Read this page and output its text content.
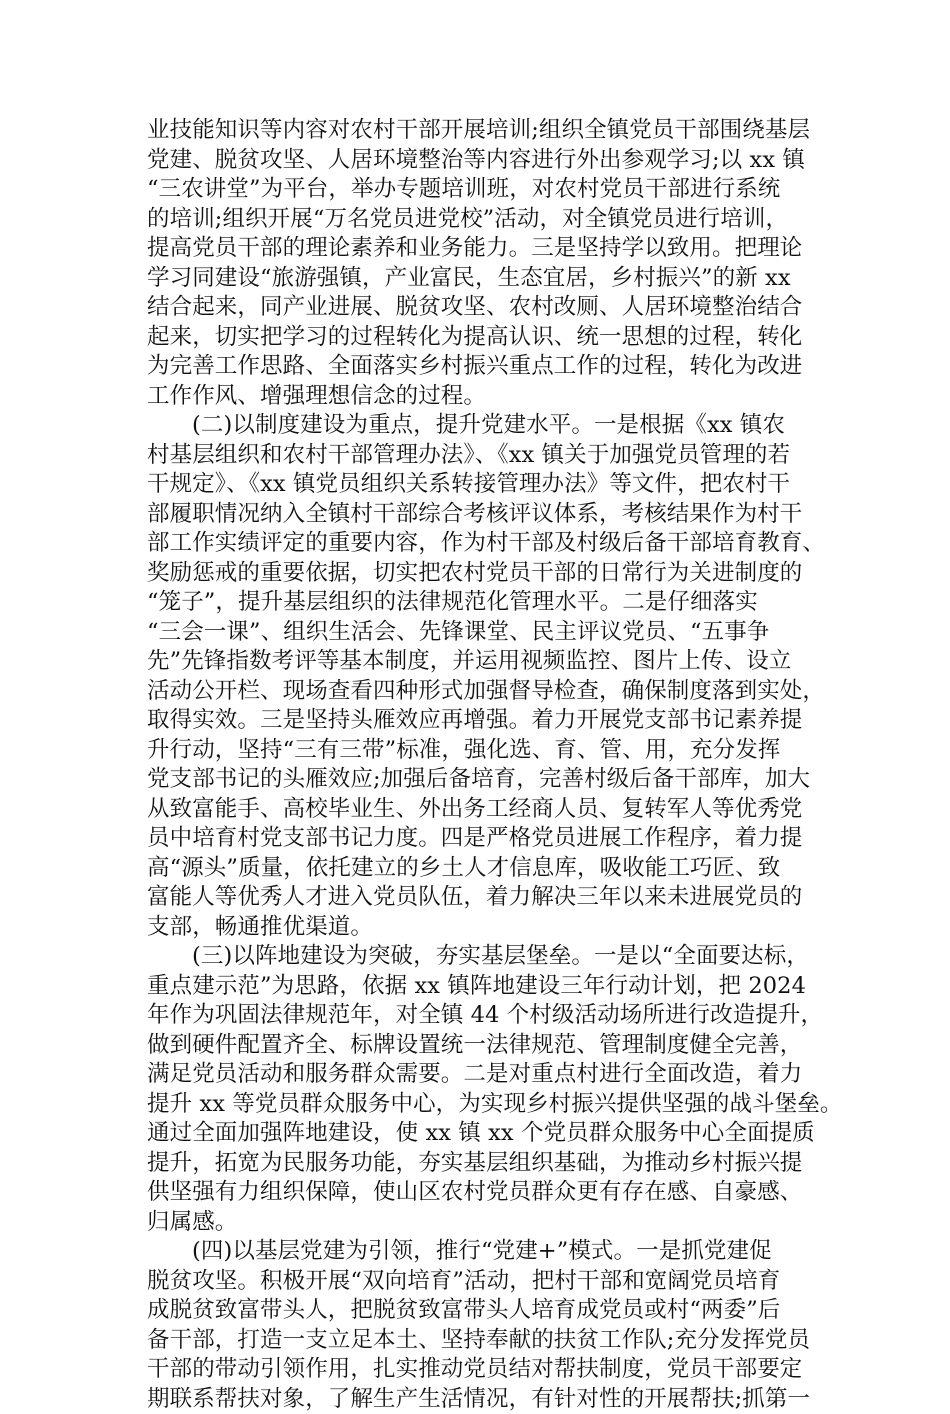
业技能知识等内容对农村干部开展培训;组织全镇党员干部围绕基层
党建、脱贫攻坚、人居环境整治等内容进行外出参观学习;以 xx 镇
“三农讲堂”为平台，举办专题培训班，对农村党员干部进行系统
的培训;组织开展“万名党员进党校”活动，对全镇党员进行培训，
提高党员干部的理论素养和业务能力。三是坚持学以致用。把理论
学习同建设“旅游强镇，产业富民，生态宜居，乡村振兴”的新 xx
结合起来，同产业进展、脱贫攻坚、农村改厕、人居环境整治结合
起来，切实把学习的过程转化为提高认识、统一思想的过程，转化
为完善工作思路、全面落实乡村振兴重点工作的过程，转化为改进
工作作风、增强理想信念的过程。
(二)以制度建设为重点，提升党建水平。一是根据《xx 镇农
村基层组织和农村干部管理办法》、《xx 镇关于加强党员管理的若
干规定》、《xx 镇党员组织关系转接管理办法》等文件，把农村干
部履职情况纳入全镇村干部综合考核评议体系，考核结果作为村干
部工作实绩评定的重要内容，作为村干部及村级后备干部培育教育、
奖励惩戒的重要依据，切实把农村党员干部的日常行为关进制度的
“笼子”，提升基层组织的法律规范化管理水平。二是仔细落实
“三会一课”、组织生活会、先锋课堂、民主评议党员、“五事争
先”先锋指数考评等基本制度，并运用视频监控、图片上传、设立
活动公开栏、现场查看四种形式加强督导检查，确保制度落到实处，
取得实效。三是坚持头雁效应再增强。着力开展党支部书记素养提
升行动，坚持“三有三带”标准，强化选、育、管、用，充分发挥
党支部书记的头雁效应;加强后备培育，完善村级后备干部库，加大
从致富能手、高校毕业生、外出务工经商人员、复转军人等优秀党
员中培育村党支部书记力度。四是严格党员进展工作程序，着力提
高“源头”质量，依托建立的乡土人才信息库，吸收能工巧匠、致
富能人等优秀人才进入党员队伍，着力解决三年以来未进展党员的
支部，畅通推优渠道。
(三)以阵地建设为突破，夯实基层堡垒。一是以“全面要达标，
重点建示范”为思路，依据 xx 镇阵地建设三年行动计划，把 2024
年作为巩固法律规范年，对全镇 44 个村级活动场所进行改造提升，
做到硬件配置齐全、标牌设置统一法律规范、管理制度健全完善，
满足党员活动和服务群众需要。二是对重点村进行全面改造，着力
提升 xx 等党员群众服务中心，为实现乡村振兴提供坚强的战斗堡垒。
通过全面加强阵地建设，使 xx 镇 xx 个党员群众服务中心全面提质
提升，拓宽为民服务功能，夯实基层组织基础，为推动乡村振兴提
供坚强有力组织保障，使山区农村党员群众更有存在感、自豪感、
归属感。
(四)以基层党建为引领，推行“党建+”模式。一是抓党建促
脱贫攻坚。积极开展“双向培育”活动，把村干部和宽阔党员培育
成脱贫致富带头人，把脱贫致富带头人培育成党员或村“两委”后
备干部，打造一支立足本土、坚持奉献的扶贫工作队;充分发挥党员
干部的带动引领作用，扎实推动党员结对帮扶制度，党员干部要定
期联系帮扶对象，了解生产生活情况，有针对性的开展帮扶;抓第一
